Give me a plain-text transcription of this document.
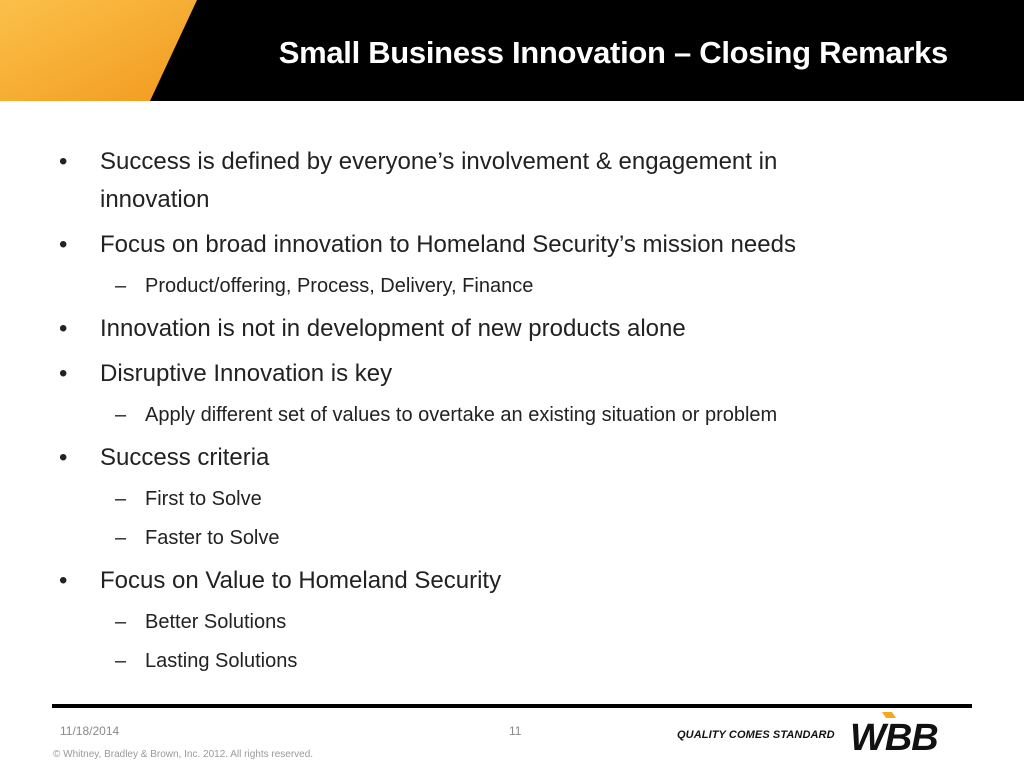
Small Business Innovation – Closing Remarks
•	Success is defined by everyone’s involvement & engagement in
innovation
•	Focus on broad innovation to Homeland Security’s mission needs
– Product/offering, Process, Delivery, Finance
•	Innovation is not in development of new products alone
•	Disruptive Innovation is key
– Apply different set of values to overtake an existing situation or problem
•	Success criteria
– First to Solve
– Faster to Solve
•	Focus on Value to Homeland Security
– Better Solutions
– Lasting Solutions
11/18/2014	11
© Whitney, Bradley & Brown, Inc. 2012. All rights reserved.
QUALITY COMES STANDARD WBB
